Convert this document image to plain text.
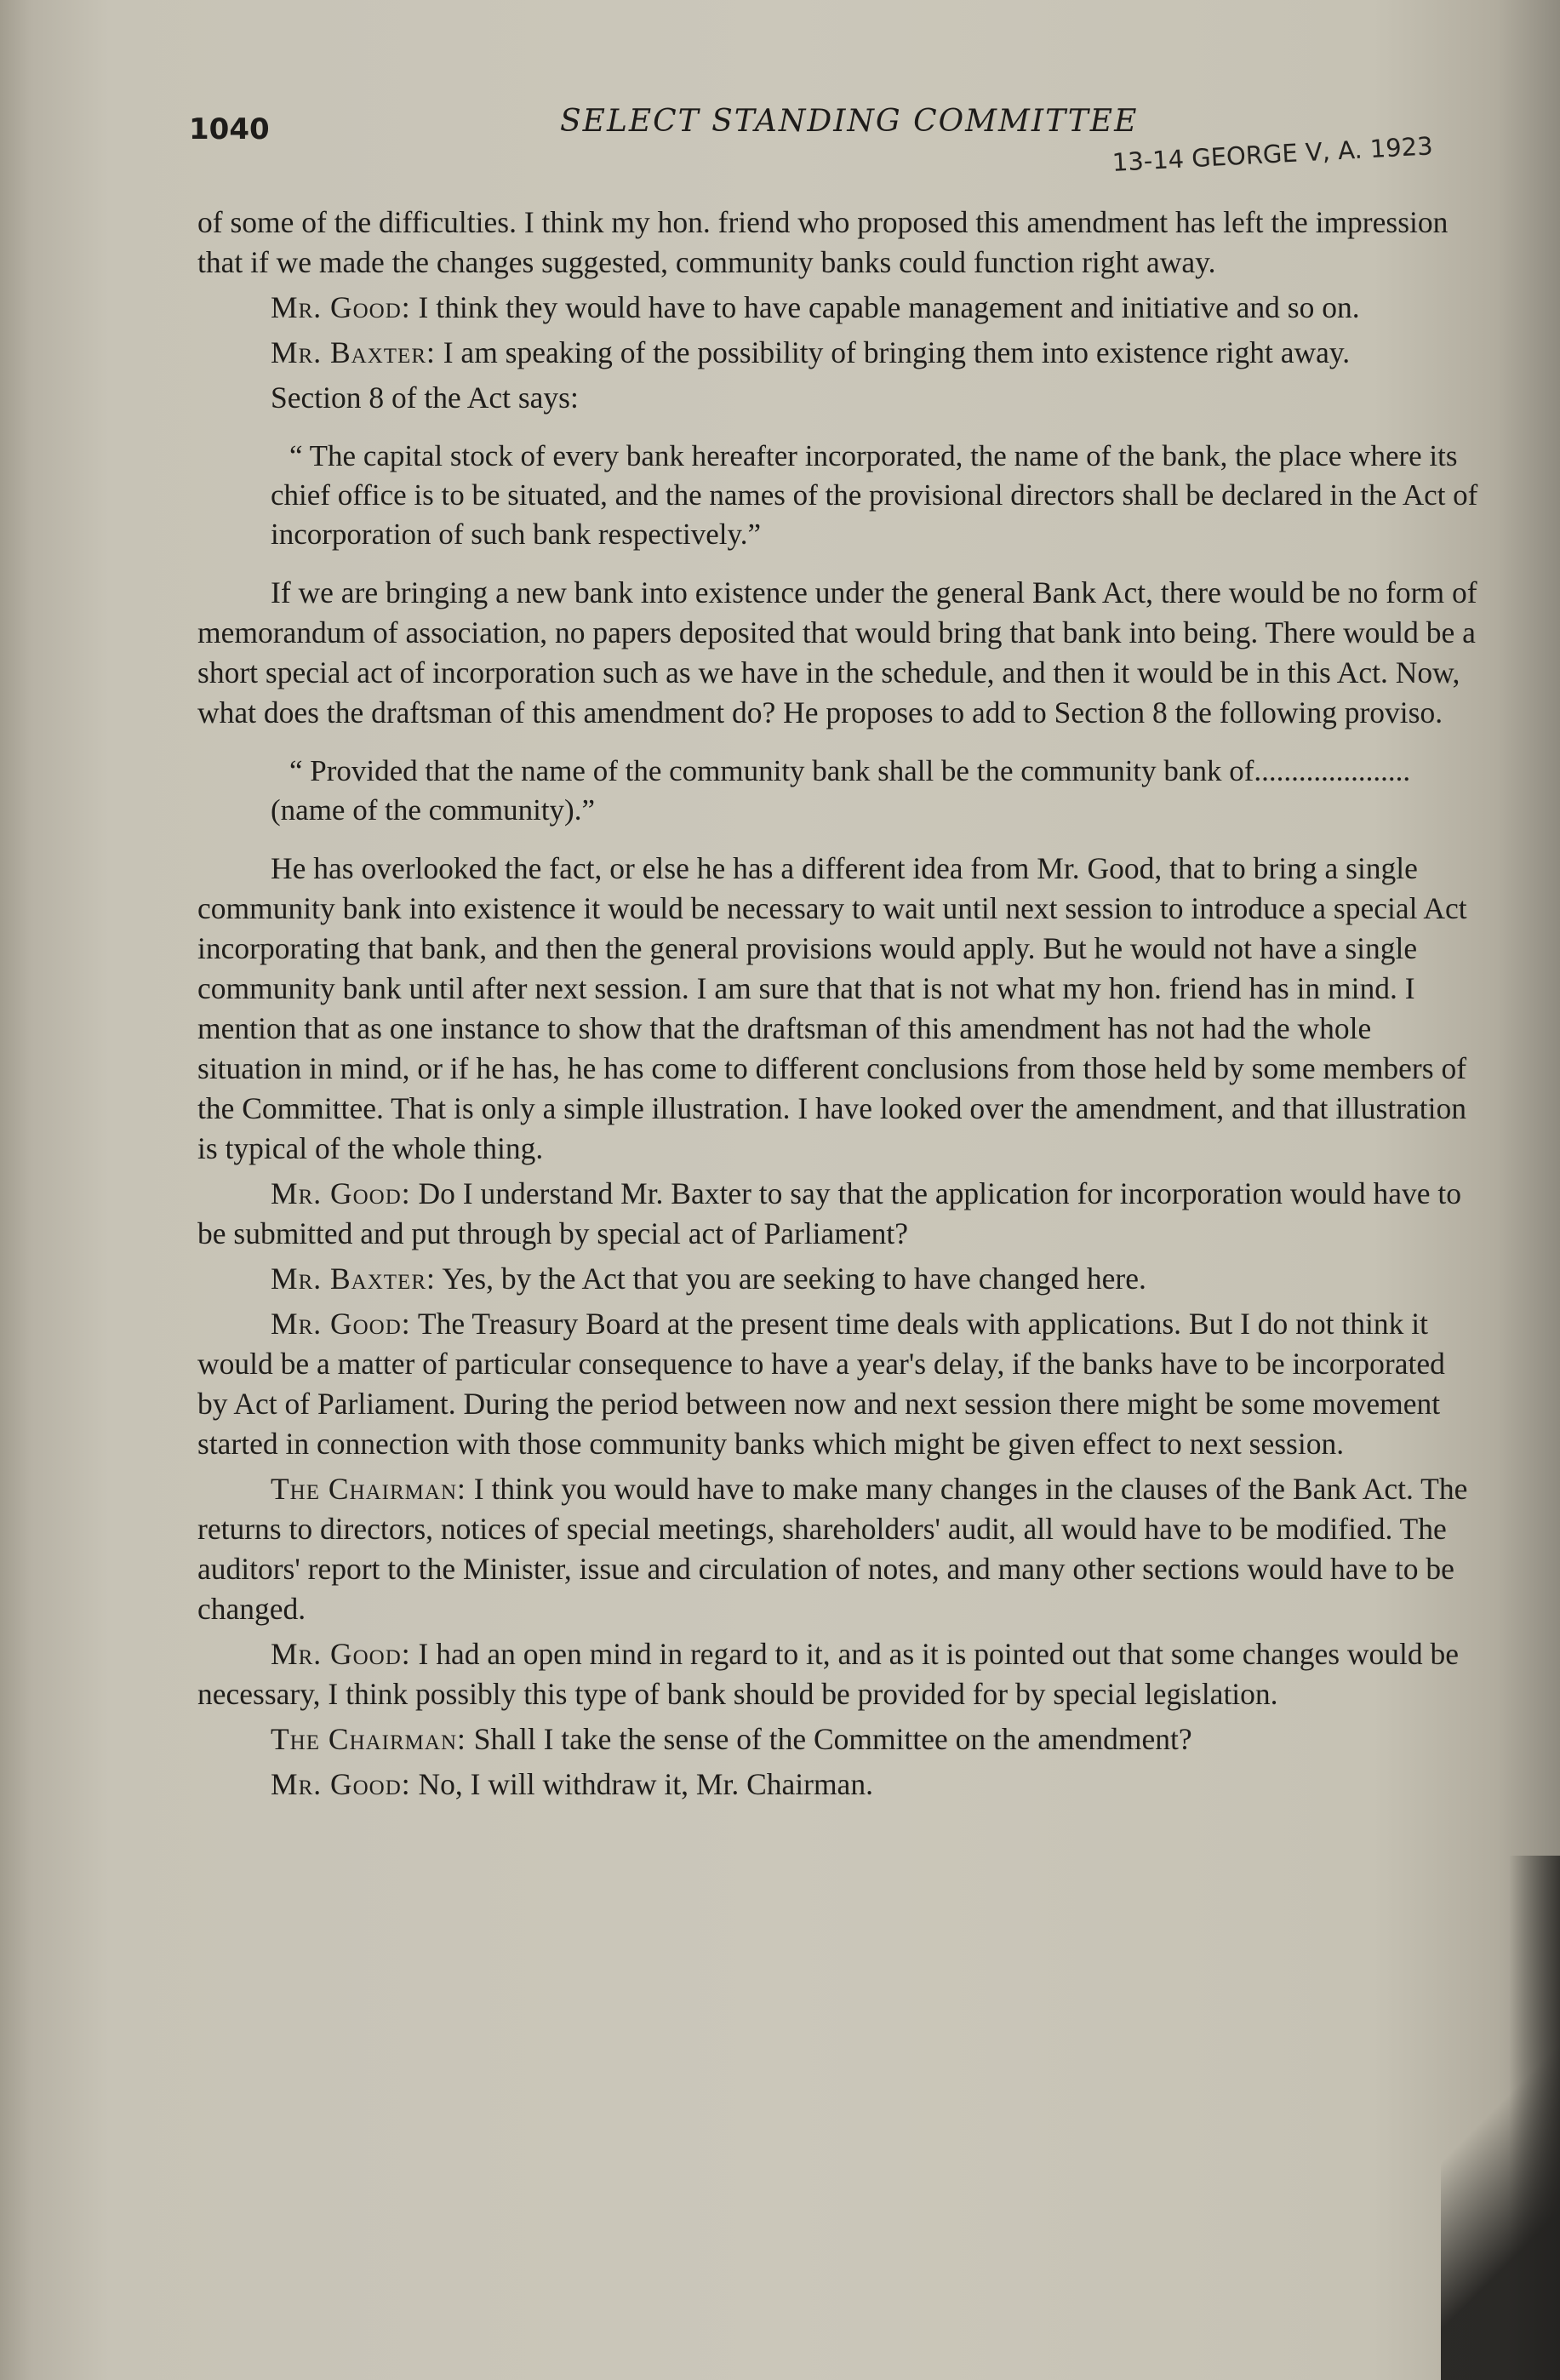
1040	SELECT STANDING COMMITTEE
13-14 GEORGE V, A. 1923

of some of the difficulties. I think my hon. friend who proposed this amendment has left the impression that if we made the changes suggested, community banks could function right away.

Mr. Good: I think they would have to have capable management and initiative and so on.

Mr. Baxter: I am speaking of the possibility of bringing them into existence right away.

Section 8 of the Act says:

“ The capital stock of every bank hereafter incorporated, the name of the bank, the place where its chief office is to be situated, and the names of the provisional directors shall be declared in the Act of incorporation of such bank respectively.”

If we are bringing a new bank into existence under the general Bank Act, there would be no form of memorandum of association, no papers deposited that would bring that bank into being. There would be a short special act of incorporation such as we have in the schedule, and then it would be in this Act. Now, what does the draftsman of this amendment do? He proposes to add to Section 8 the following proviso.

“ Provided that the name of the community bank shall be the community bank of.....................(name of the community).”

He has overlooked the fact, or else he has a different idea from Mr. Good, that to bring a single community bank into existence it would be necessary to wait until next session to introduce a special Act incorporating that bank, and then the general provisions would apply. But he would not have a single community bank until after next session. I am sure that that is not what my hon. friend has in mind. I mention that as one instance to show that the draftsman of this amendment has not had the whole situation in mind, or if he has, he has come to different conclusions from those held by some members of the Committee. That is only a simple illustration. I have looked over the amendment, and that illustration is typical of the whole thing.

Mr. Good: Do I understand Mr. Baxter to say that the application for incorporation would have to be submitted and put through by special act of Parliament?

Mr. Baxter: Yes, by the Act that you are seeking to have changed here.

Mr. Good: The Treasury Board at the present time deals with applications. But I do not think it would be a matter of particular consequence to have a year's delay, if the banks have to be incorporated by Act of Parliament. During the period between now and next session there might be some movement started in connection with those community banks which might be given effect to next session.

The Chairman: I think you would have to make many changes in the clauses of the Bank Act. The returns to directors, notices of special meetings, shareholders' audit, all would have to be modified. The auditors' report to the Minister, issue and circulation of notes, and many other sections would have to be changed.

Mr. Good: I had an open mind in regard to it, and as it is pointed out that some changes would be necessary, I think possibly this type of bank should be provided for by special legislation.

The Chairman: Shall I take the sense of the Committee on the amendment?

Mr. Good: No, I will withdraw it, Mr. Chairman.
